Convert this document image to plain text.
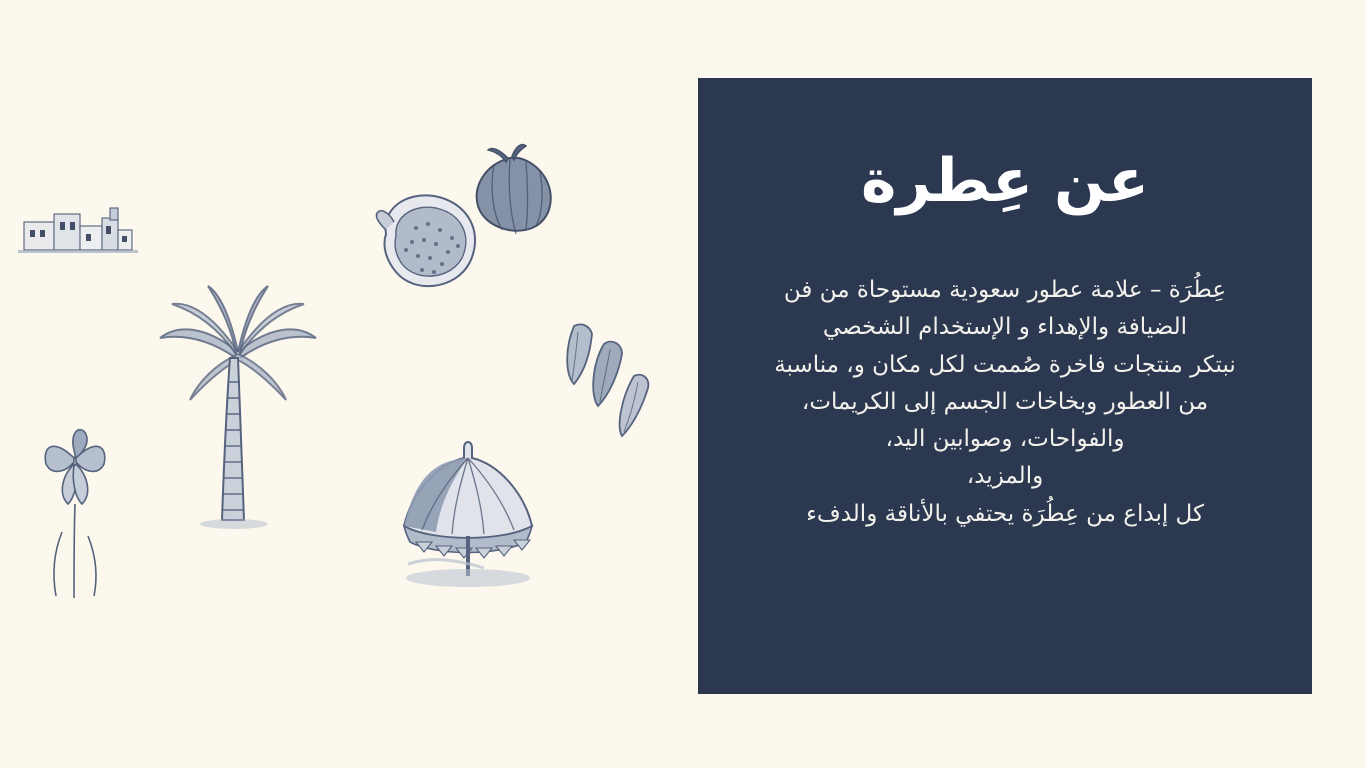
عن عِطرة
عِطُرَة – علامة عطور سعودية مستوحاة من فن
الضيافة والإهداء و الإستخدام الشخصي
نبتكر منتجات فاخرة صُممت لكل مكان و، مناسبة
من العطور وبخاخات الجسم إلى الكريمات،
والفواحات، وصوابين اليد،
والمزيد،
كل إبداع من عِطُرَة يحتفي بالأناقة والدفء
